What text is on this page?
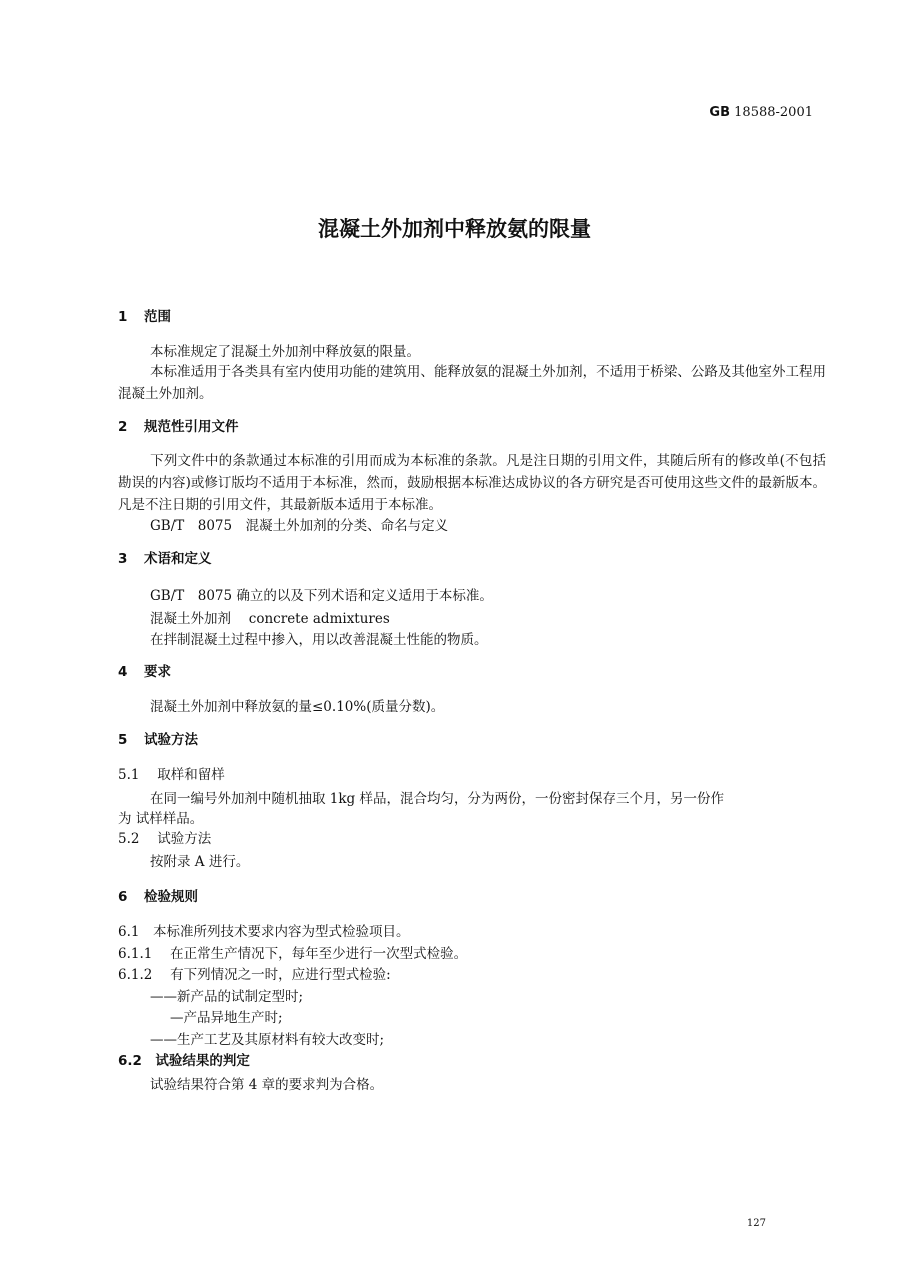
GB 18588-2001
混凝土外加剂中释放氨的限量
1 范围
本标准规定了混凝土外加剂中释放氨的限量。
本标准适用于各类具有室内使用功能的建筑用、能释放氨的混凝土外加剂，不适用于桥梁、公路及其他室外工程用混凝土外加剂。
2 规范性引用文件
下列文件中的条款通过本标准的引用而成为本标准的条款。凡是注日期的引用文件，其随后所有的修改单(不包括勘误的内容)或修订版均不适用于本标准，然而，鼓励根据本标准达成协议的各方研究是否可使用这些文件的最新版本。凡是不注日期的引用文件，其最新版本适用于本标准。
GB/T　8075　混凝土外加剂的分类、命名与定义
3 术语和定义
GB/T　8075 确立的以及下列术语和定义适用于本标准。
混凝土外加剂　 concrete admixtures
在拌制混凝土过程中掺入，用以改善混凝土性能的物质。
4 要求
混凝土外加剂中释放氨的量≤0.10%(质量分数)。
5 试验方法
5.1　 取样和留样
在同一编号外加剂中随机抽取 1kg 样品，混合均匀，分为两份，一份密封保存三个月，另一份作
为 试样样品。
5.2　 试验方法
按附录 A 进行。
6 检验规则
6.1　本标准所列技术要求内容为型式检验项目。
6.1.1　 在正常生产情况下，每年至少进行一次型式检验。
6.1.2　 有下列情况之一时，应进行型式检验:
——新产品的试制定型时;
—产品异地生产时;
——生产工艺及其原材料有较大改变时;
6.2　 试验结果的判定
试验结果符合第 4 章的要求判为合格。
127
